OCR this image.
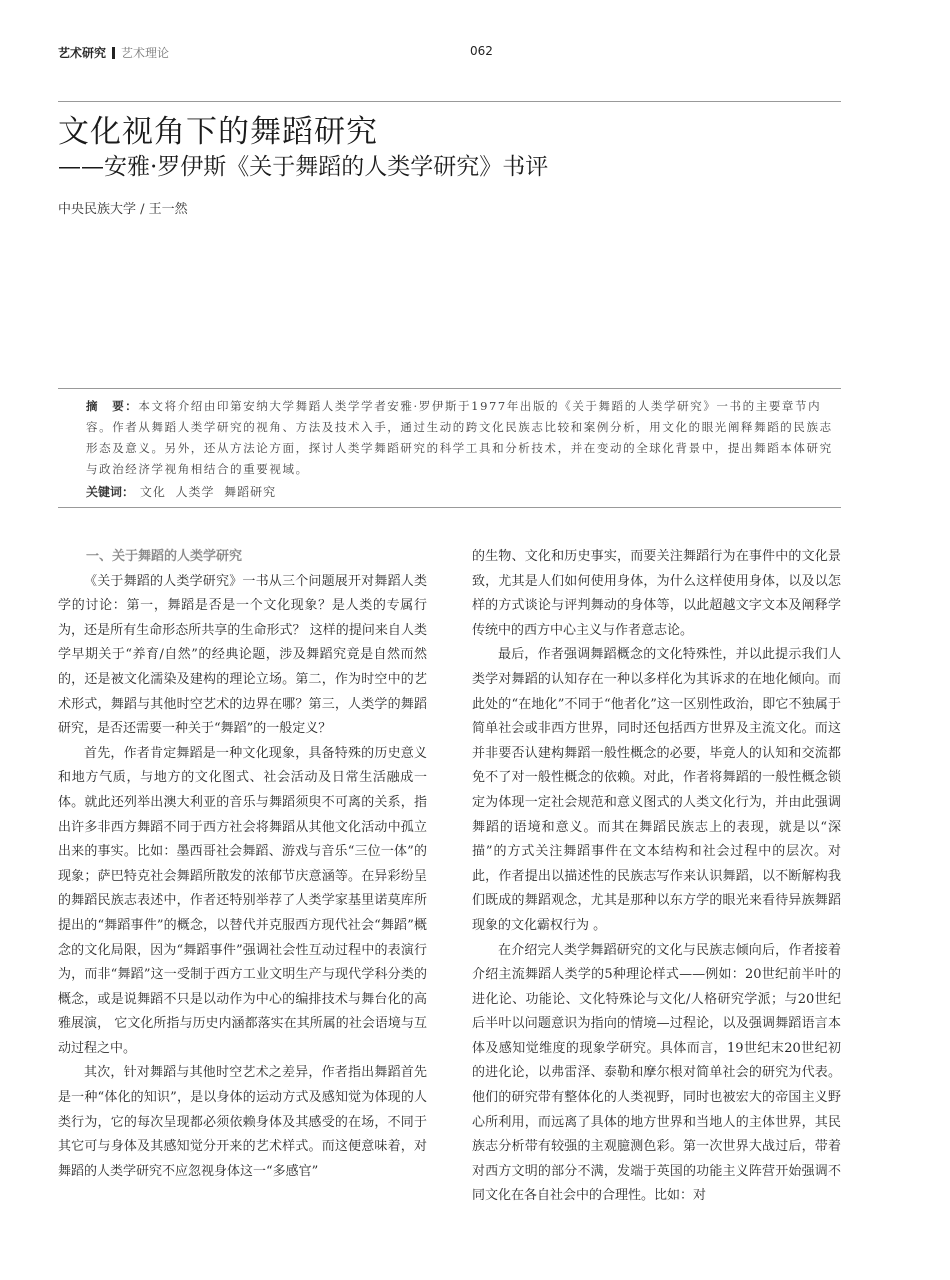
艺术研究 艺术理论	062
文化视角下的舞蹈研究
——安雅·罗伊斯《关于舞蹈的人类学研究》书评
中央民族大学 / 王一然
摘　要：本文将介绍由印第安纳大学舞蹈人类学学者安雅·罗伊斯于1977年出版的《关于舞蹈的人类学研究》一书的主要章节内容。作者从舞蹈人类学研究的视角、方法及技术入手，通过生动的跨文化民族志比较和案例分析，用文化的眼光阐释舞蹈的民族志形态及意义。另外，还从方法论方面，探讨人类学舞蹈研究的科学工具和分析技术，并在变动的全球化背景中，提出舞蹈本体研究与政治经济学视角相结合的重要视域。
关键词： 文化 人类学 舞蹈研究
一、关于舞蹈的人类学研究

《关于舞蹈的人类学研究》一书从三个问题展开对舞蹈人类学的讨论：第一，舞蹈是否是一个文化现象？是人类的专属行为，还是所有生命形态所共享的生命形式？ 这样的提问来自人类学早期关于“养育/自然”的经典论题，涉及舞蹈究竟是自然而然的，还是被文化濡染及建构的理论立场。第二，作为时空中的艺术形式，舞蹈与其他时空艺术的边界在哪？第三，人类学的舞蹈研究，是否还需要一种关于“舞蹈”的一般定义？

首先，作者肯定舞蹈是一种文化现象，具备特殊的历史意义和地方气质，与地方的文化图式、社会活动及日常生活融成一体。就此还列举出澳大利亚的音乐与舞蹈须臾不可离的关系，指出许多非西方舞蹈不同于西方社会将舞蹈从其他文化活动中孤立出来的事实。比如：墨西哥社会舞蹈、游戏与音乐“三位一体”的现象；萨巴特克社会舞蹈所散发的浓郁节庆意涵等。在异彩纷呈的舞蹈民族志表述中，作者还特别举荐了人类学家基里诺莫库所提出的“舞蹈事件”的概念，以替代并克服西方现代社会“舞蹈”概念的文化局限，因为“舞蹈事件”强调社会性互动过程中的表演行为，而非“舞蹈”这一受制于西方工业文明生产与现代学科分类的概念，或是说舞蹈不只是以动作为中心的编排技术与舞台化的高雅展演， 它文化所指与历史内涵都落实在其所属的社会语境与互动过程之中。

其次，针对舞蹈与其他时空艺术之差异，作者指出舞蹈首先是一种“体化的知识”，是以身体的运动方式及感知觉为体现的人类行为，它的每次呈现都必须依赖身体及其感受的在场，不同于其它可与身体及其感知觉分开来的艺术样式。而这便意味着，对舞蹈的人类学研究不应忽视身体这一“多感官”

的生物、文化和历史事实，而要关注舞蹈行为在事件中的文化景致，尤其是人们如何使用身体，为什么这样使用身体，以及以怎样的方式谈论与评判舞动的身体等，以此超越文字文本及阐释学传统中的西方中心主义与作者意志论。

最后，作者强调舞蹈概念的文化特殊性，并以此提示我们人类学对舞蹈的认知存在一种以多样化为其诉求的在地化倾向。而此处的“在地化”不同于“他者化”这一区别性政治，即它不独属于简单社会或非西方世界，同时还包括西方世界及主流文化。而这并非要否认建构舞蹈一般性概念的必要，毕竟人的认知和交流都免不了对一般性概念的依赖。对此，作者将舞蹈的一般性概念锁定为体现一定社会规范和意义图式的人类文化行为，并由此强调舞蹈的语境和意义。而其在舞蹈民族志上的表现，就是以“深描”的方式关注舞蹈事件在文本结构和社会过程中的层次。对此，作者提出以描述性的民族志写作来认识舞蹈，以不断解构我们既成的舞蹈观念，尤其是那种以东方学的眼光来看待异族舞蹈现象的文化霸权行为 。

在介绍完人类学舞蹈研究的文化与民族志倾向后，作者接着介绍主流舞蹈人类学的5种理论样式——例如：20世纪前半叶的进化论、功能论、文化特殊论与文化/人格研究学派；与20世纪后半叶以问题意识为指向的情境—过程论，以及强调舞蹈语言本体及感知觉维度的现象学研究。具体而言，19世纪末20世纪初的进化论，以弗雷泽、泰勒和摩尔根对简单社会的研究为代表。他们的研究带有整体化的人类视野，同时也被宏大的帝国主义野心所利用，而远离了具体的地方世界和当地人的主体世界，其民族志分析带有较强的主观臆测色彩。第一次世界大战过后，带着对西方文明的部分不满，发端于英国的功能主义阵营开始强调不同文化在各自社会中的合理性。比如：对
